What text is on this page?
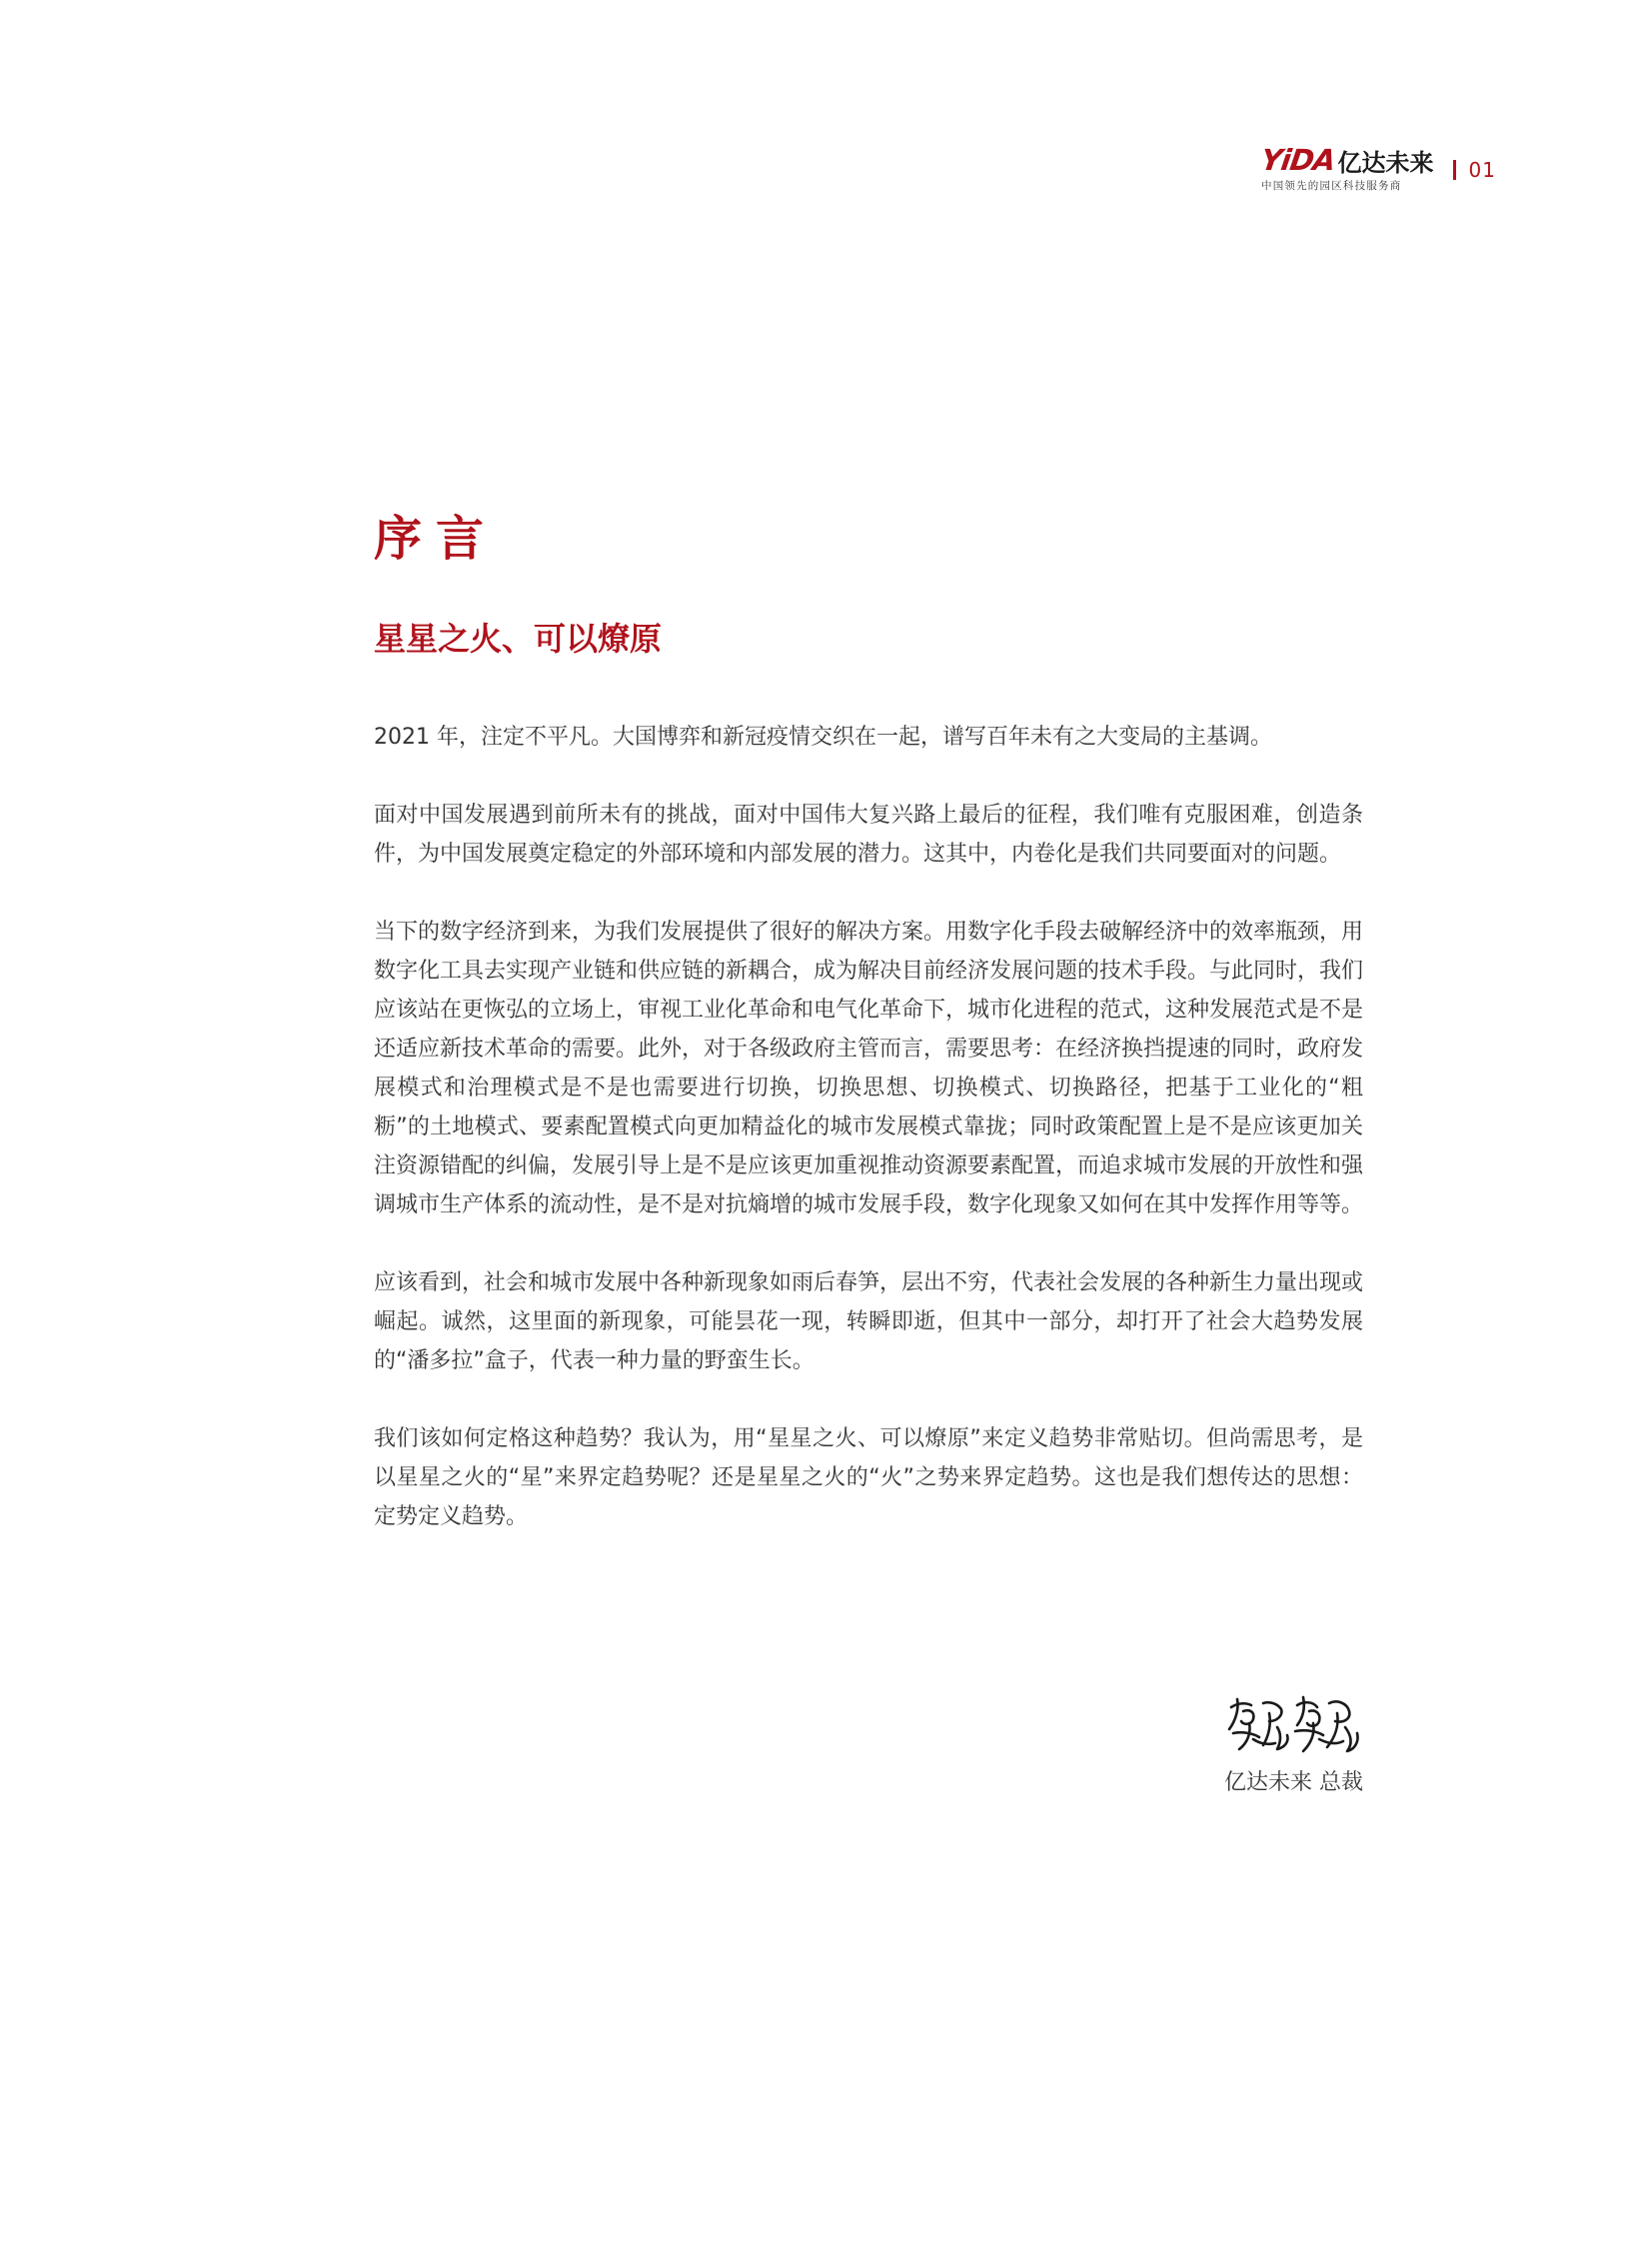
YiDA 亿达未来
中国领先的园区科技服务商
01
序言
星星之火、可以燎原

2021 年，注定不平凡。大国博弈和新冠疫情交织在一起，谱写百年未有之大变局的主基调。

面对中国发展遇到前所未有的挑战，面对中国伟大复兴路上最后的征程，我们唯有克服困难，创造条件，为中国发展奠定稳定的外部环境和内部发展的潜力。这其中，内卷化是我们共同要面对的问题。

当下的数字经济到来，为我们发展提供了很好的解决方案。用数字化手段去破解经济中的效率瓶颈，用数字化工具去实现产业链和供应链的新耦合，成为解决目前经济发展问题的技术手段。与此同时，我们应该站在更恢弘的立场上，审视工业化革命和电气化革命下，城市化进程的范式，这种发展范式是不是还适应新技术革命的需要。此外，对于各级政府主管而言，需要思考：在经济换挡提速的同时，政府发展模式和治理模式是不是也需要进行切换，切换思想、切换模式、切换路径，把基于工业化的“粗粝”的土地模式、要素配置模式向更加精益化的城市发展模式靠拢；同时政策配置上是不是应该更加关注资源错配的纠偏，发展引导上是不是应该更加重视推动资源要素配置，而追求城市发展的开放性和强调城市生产体系的流动性，是不是对抗熵增的城市发展手段，数字化现象又如何在其中发挥作用等等。

应该看到，社会和城市发展中各种新现象如雨后春笋，层出不穷，代表社会发展的各种新生力量出现或崛起。诚然，这里面的新现象，可能昙花一现，转瞬即逝，但其中一部分，却打开了社会大趋势发展的“潘多拉”盒子，代表一种力量的野蛮生长。

我们该如何定格这种趋势？我认为，用“星星之火、可以燎原”来定义趋势非常贴切。但尚需思考，是以星星之火的“星”来界定趋势呢？还是星星之火的“火”之势来界定趋势。这也是我们想传达的思想：定势定义趋势。

亿达未来 总裁
